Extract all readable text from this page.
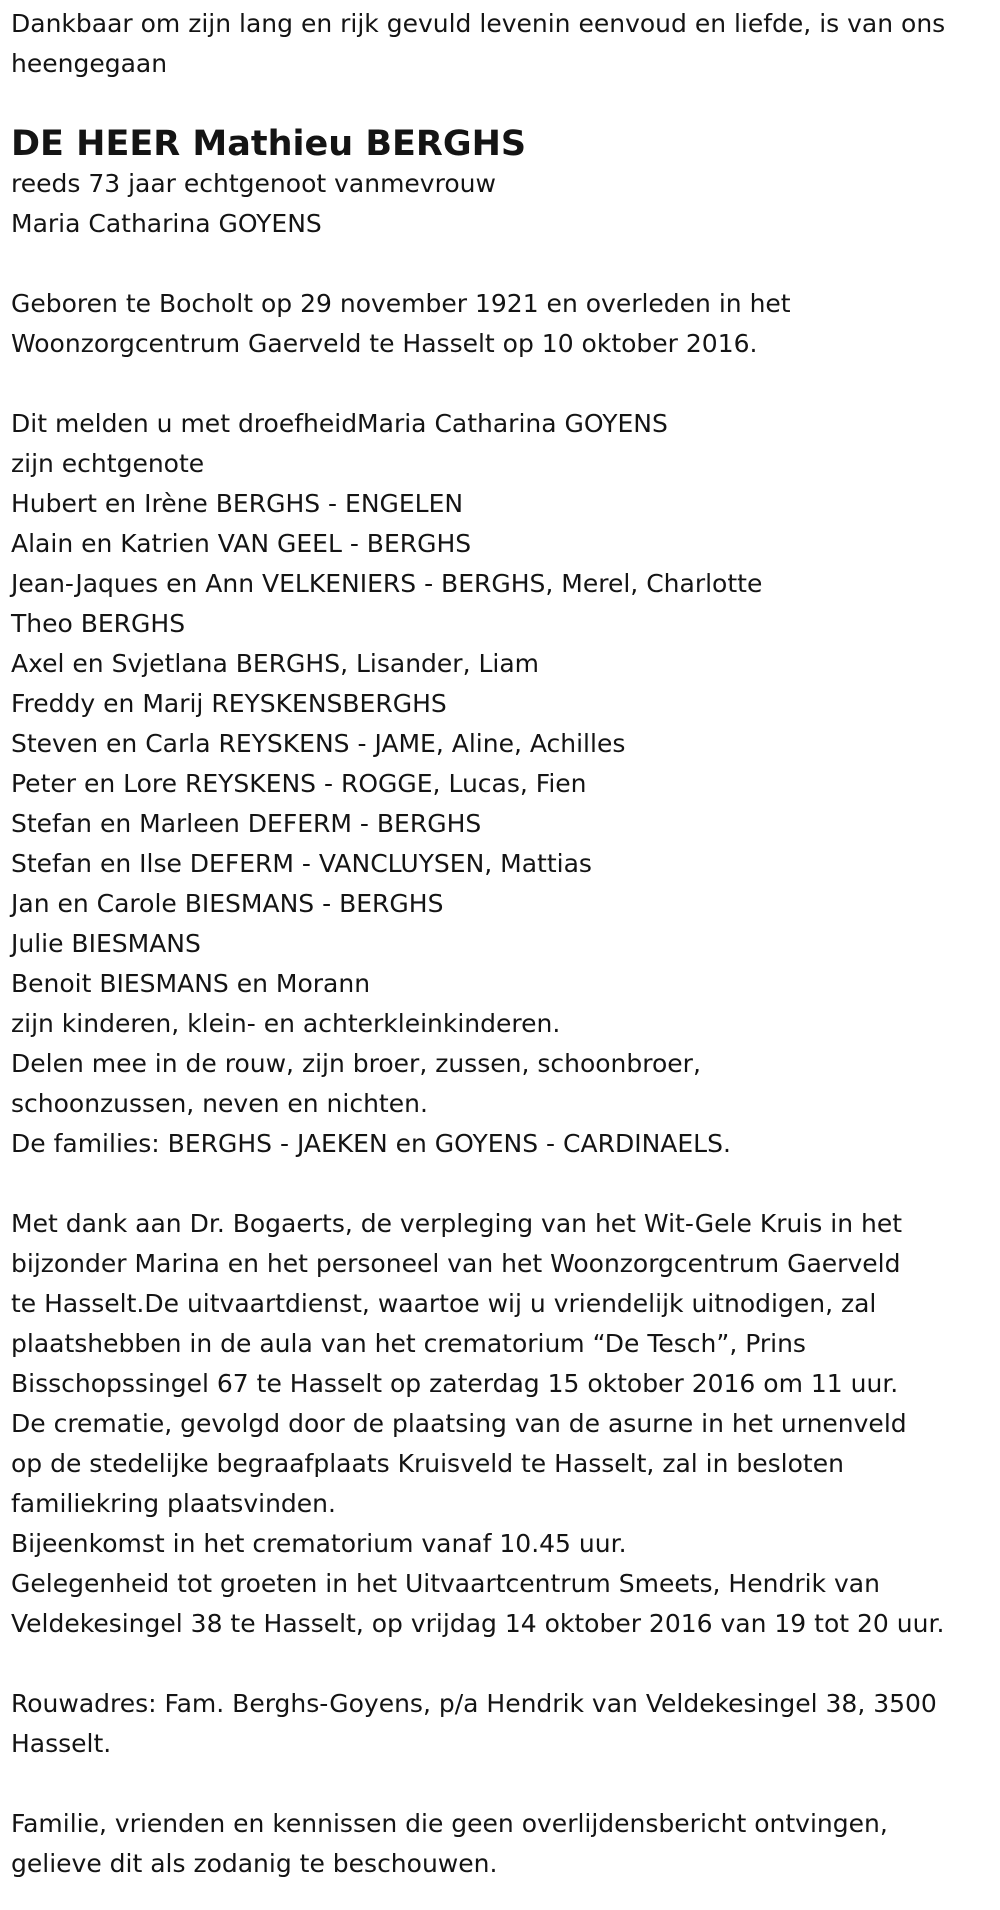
Dankbaar om zijn lang en rijk gevuld levenin eenvoud en liefde, is van ons
heengegaan
DE HEER Mathieu BERGHS
reeds 73 jaar echtgenoot vanmevrouw
Maria Catharina GOYENS
Geboren te Bocholt op 29 november 1921 en overleden in het
Woonzorgcentrum Gaerveld te Hasselt op 10 oktober 2016.
Dit melden u met droefheidMaria Catharina GOYENS
zijn echtgenote
Hubert en Irène BERGHS - ENGELEN
Alain en Katrien VAN GEEL - BERGHS
Jean-Jaques en Ann VELKENIERS - BERGHS, Merel, Charlotte
Theo BERGHS
Axel en Svjetlana BERGHS, Lisander, Liam
Freddy en Marij REYSKENSBERGHS
Steven en Carla REYSKENS - JAME, Aline, Achilles
Peter en Lore REYSKENS - ROGGE, Lucas, Fien
Stefan en Marleen DEFERM - BERGHS
Stefan en Ilse DEFERM - VANCLUYSEN, Mattias
Jan en Carole BIESMANS - BERGHS
Julie BIESMANS
Benoit BIESMANS en Morann
zijn kinderen, klein- en achterkleinkinderen.
Delen mee in de rouw, zijn broer, zussen, schoonbroer,
schoonzussen, neven en nichten.
De families: BERGHS - JAEKEN en GOYENS - CARDINAELS.
Met dank aan Dr. Bogaerts, de verpleging van het Wit-Gele Kruis in het
bijzonder Marina en het personeel van het Woonzorgcentrum Gaerveld
te Hasselt.De uitvaartdienst, waartoe wij u vriendelijk uitnodigen, zal
plaatshebben in de aula van het crematorium “De Tesch”, Prins
Bisschopssingel 67 te Hasselt op zaterdag 15 oktober 2016 om 11 uur.
De crematie, gevolgd door de plaatsing van de asurne in het urnenveld
op de stedelijke begraafplaats Kruisveld te Hasselt, zal in besloten
familiekring plaatsvinden.
Bijeenkomst in het crematorium vanaf 10.45 uur.
Gelegenheid tot groeten in het Uitvaartcentrum Smeets, Hendrik van
Veldekesingel 38 te Hasselt, op vrijdag 14 oktober 2016 van 19 tot 20 uur.
Rouwadres: Fam. Berghs-Goyens, p/a Hendrik van Veldekesingel 38, 3500
Hasselt.
Familie, vrienden en kennissen die geen overlijdensbericht ontvingen,
gelieve dit als zodanig te beschouwen.
